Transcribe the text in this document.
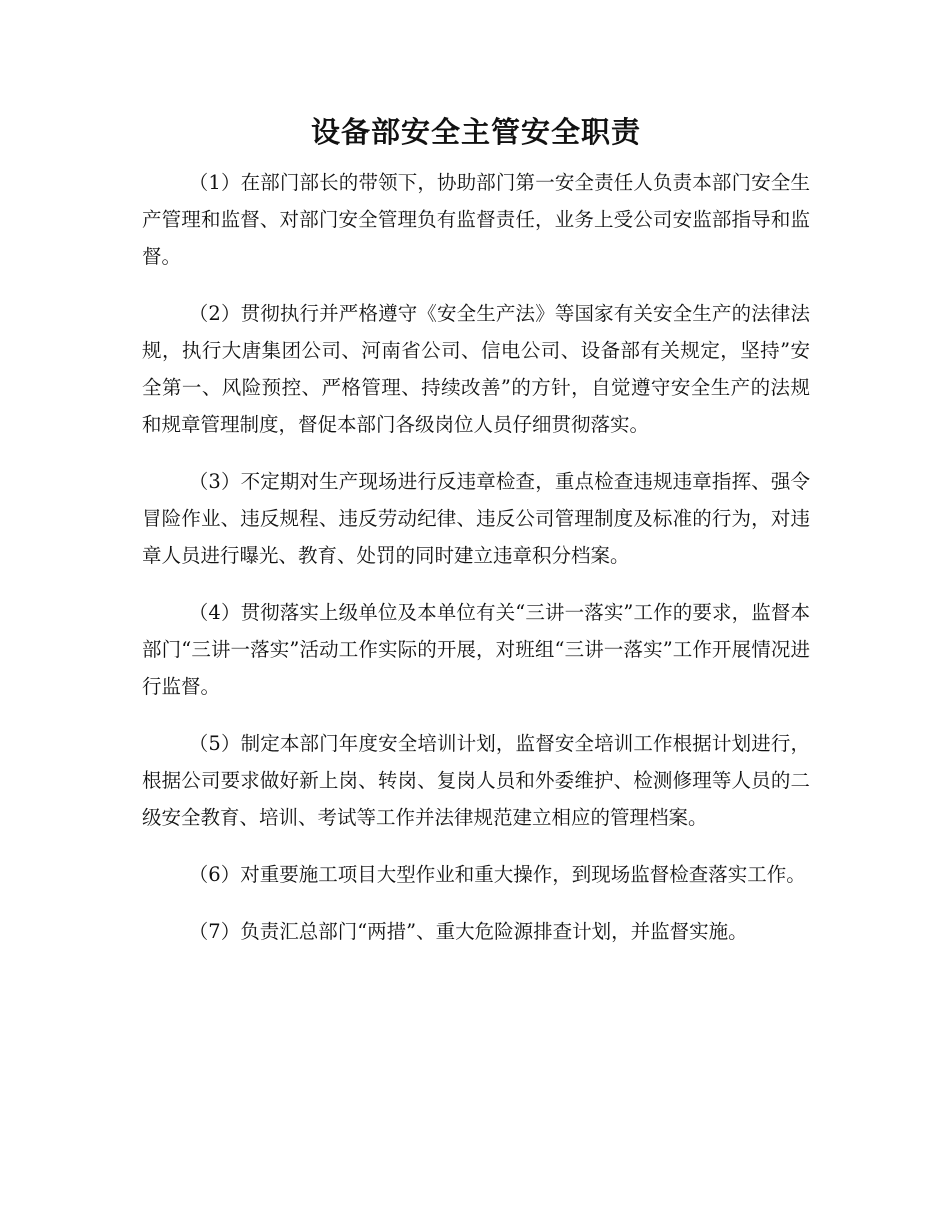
设备部安全主管安全职责

（1）在部门部长的带领下，协助部门第一安全责任人负责本部门安全生产管理和监督、对部门安全管理负有监督责任，业务上受公司安监部指导和监督。

（2）贯彻执行并严格遵守《安全生产法》等国家有关安全生产的法律法规，执行大唐集团公司、河南省公司、信电公司、设备部有关规定，坚持”安全第一、风险预控、严格管理、持续改善”的方针，自觉遵守安全生产的法规和规章管理制度，督促本部门各级岗位人员仔细贯彻落实。

（3）不定期对生产现场进行反违章检查，重点检查违规违章指挥、强令冒险作业、违反规程、违反劳动纪律、违反公司管理制度及标准的行为，对违章人员进行曝光、教育、处罚的同时建立违章积分档案。

（4）贯彻落实上级单位及本单位有关“三讲一落实”工作的要求，监督本部门“三讲一落实”活动工作实际的开展，对班组“三讲一落实”工作开展情况进行监督。

（5）制定本部门年度安全培训计划，监督安全培训工作根据计划进行，根据公司要求做好新上岗、转岗、复岗人员和外委维护、检测修理等人员的二级安全教育、培训、考试等工作并法律规范建立相应的管理档案。

（6）对重要施工项目大型作业和重大操作，到现场监督检查落实工作。

（7）负责汇总部门“两措”、重大危险源排查计划，并监督实施。
